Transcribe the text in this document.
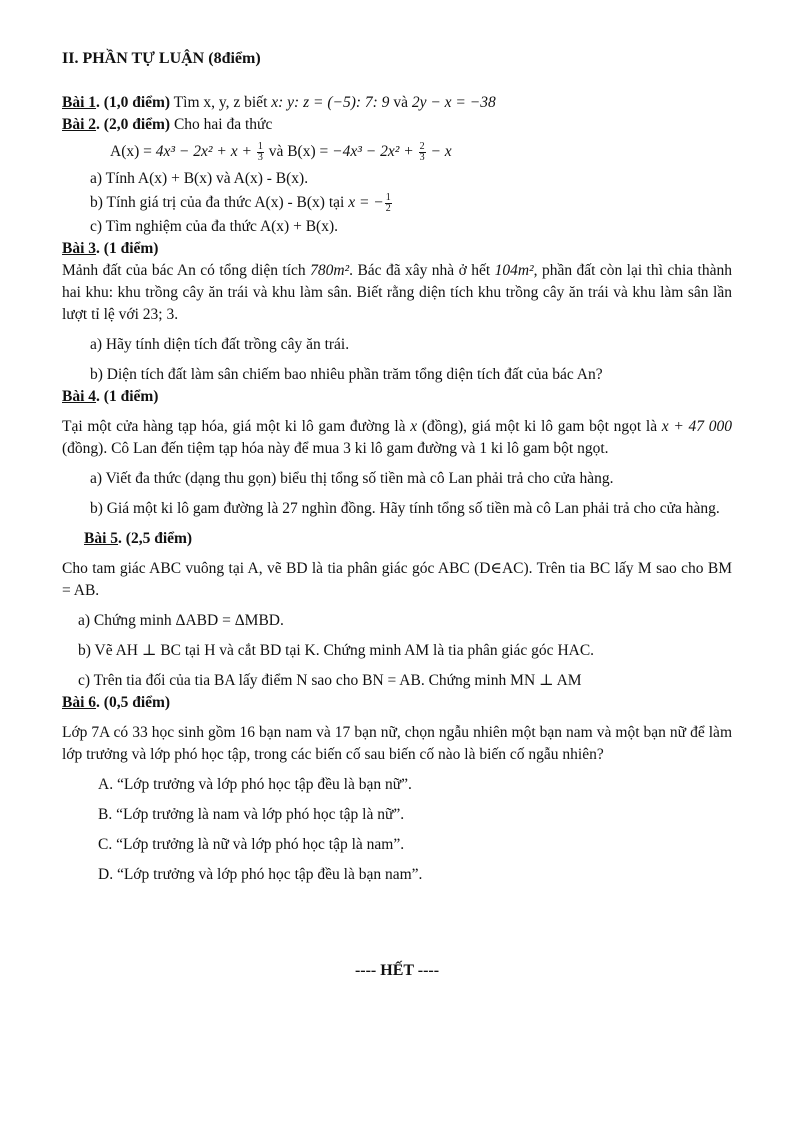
II. PHẦN TỰ LUẬN (8điểm)
Bài 1. (1,0 điểm) Tìm x, y, z biết x: y: z = (−5): 7: 9 và 2y − x = −38
Bài 2. (2,0 điểm) Cho hai đa thức
$A(x) = 4x^3 - 2x^2 + x + \frac{1}{3}$ và $B(x) = -4x^3 - 2x^2 + \frac{2}{3} - x$
a) Tính A(x) + B(x) và A(x) - B(x).
b) Tính giá trị của đa thức A(x) - B(x) tại x = − $\frac{1}{2}$
c) Tìm nghiệm của đa thức A(x) + B(x).
Bài 3. (1 điểm)
Mảnh đất của bác An có tổng diện tích 780m². Bác đã xây nhà ở hết 104m², phần đất còn lại thì chia thành hai khu: khu trồng cây ăn trái và khu làm sân. Biết rằng diện tích khu trồng cây ăn trái và khu làm sân lần lượt tỉ lệ với 23; 3.
a) Hãy tính diện tích đất trồng cây ăn trái.
b) Diện tích đất làm sân chiếm bao nhiêu phần trăm tổng diện tích đất của bác An?
Bài 4. (1 điểm)
Tại một cửa hàng tạp hóa, giá một ki lô gam đường là x (đồng), giá một ki lô gam bột ngọt là x + 47 000 (đồng). Cô Lan đến tiệm tạp hóa này để mua 3 ki lô gam đường và 1 ki lô gam bột ngọt.
a) Viết đa thức (dạng thu gọn) biểu thị tổng số tiền mà cô Lan phải trả cho cửa hàng.
b) Giá một ki lô gam đường là 27 nghìn đồng. Hãy tính tổng số tiền mà cô Lan phải trả cho cửa hàng.
Bài 5. (2,5 điểm)
Cho tam giác ABC vuông tại A, vẽ BD là tia phân giác góc ABC (D∈AC). Trên tia BC lấy M sao cho BM = AB.
a) Chứng minh ΔABD = ΔMBD.
b) Vẽ AH ⊥ BC tại H và cắt BD tại K. Chứng minh AM là tia phân giác góc HAC.
c) Trên tia đối của tia BA lấy điểm N sao cho BN = AB. Chứng minh MN ⊥ AM
Bài 6. (0,5 điểm)
Lớp 7A có 33 học sinh gồm 16 bạn nam và 17 bạn nữ, chọn ngẫu nhiên một bạn nam và một bạn nữ để làm lớp trưởng và lớp phó học tập, trong các biến cố sau biến cố nào là biến cố ngẫu nhiên?
A. “Lớp trưởng và lớp phó học tập đều là bạn nữ”.
B. “Lớp trưởng là nam và lớp phó học tập là nữ”.
C. “Lớp trưởng là nữ và lớp phó học tập là nam”.
D. “Lớp trưởng và lớp phó học tập đều là bạn nam”.
---- HẾT ----
